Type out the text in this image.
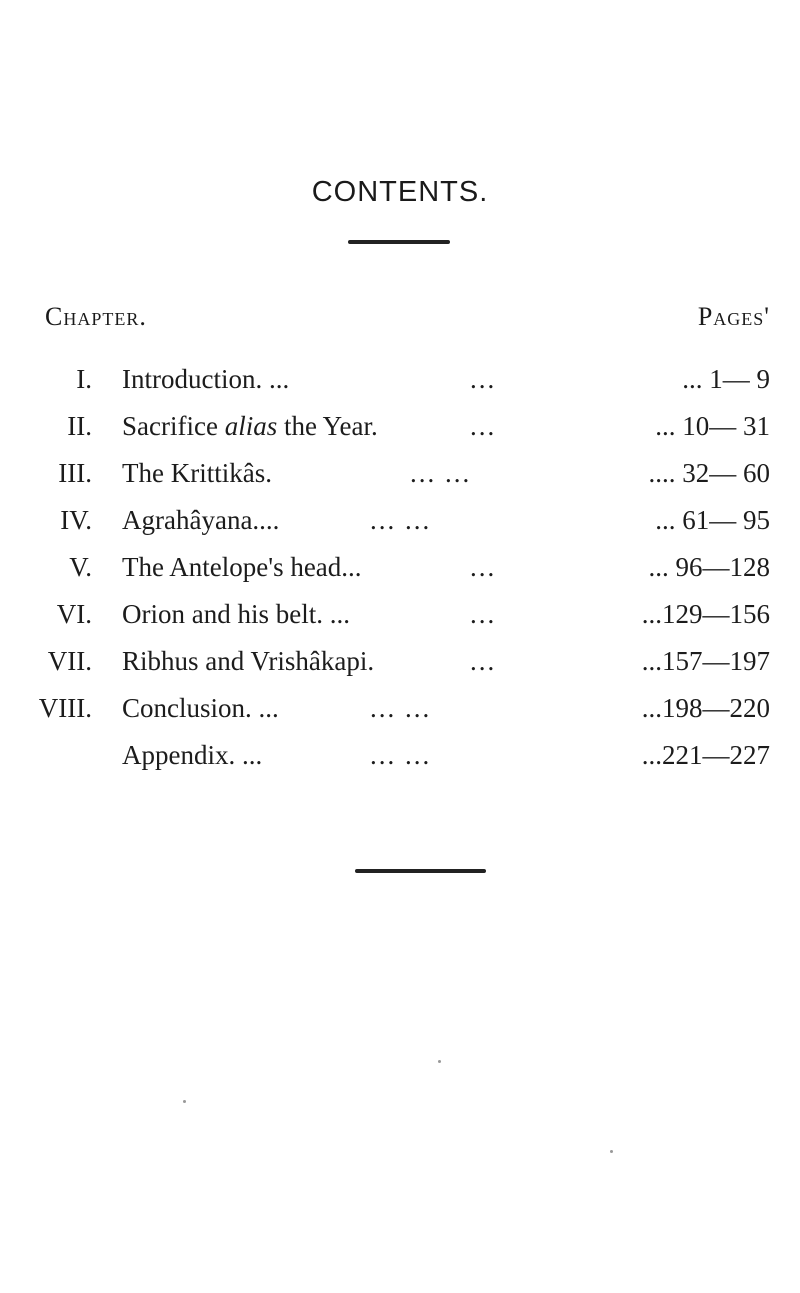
CONTENTS.
Chapter.	Pages'
I. Introduction. ...	...	... 1— 9
II. Sacrifice alias the Year.	...	... 10— 31
III. The Krittikâs.	... ...	.... 32— 60
IV. Agrahâyana....	... ...	... 61— 95
V. The Antelope's head...	...	... 96—128
VI. Orion and his belt. ...	...	...129—156
VII. Ribhus and Vrishâkapi.	...	...157—197
VIII. Conclusion. ...	... ...	...198—220
Appendix. ...	... ...	...221—227
